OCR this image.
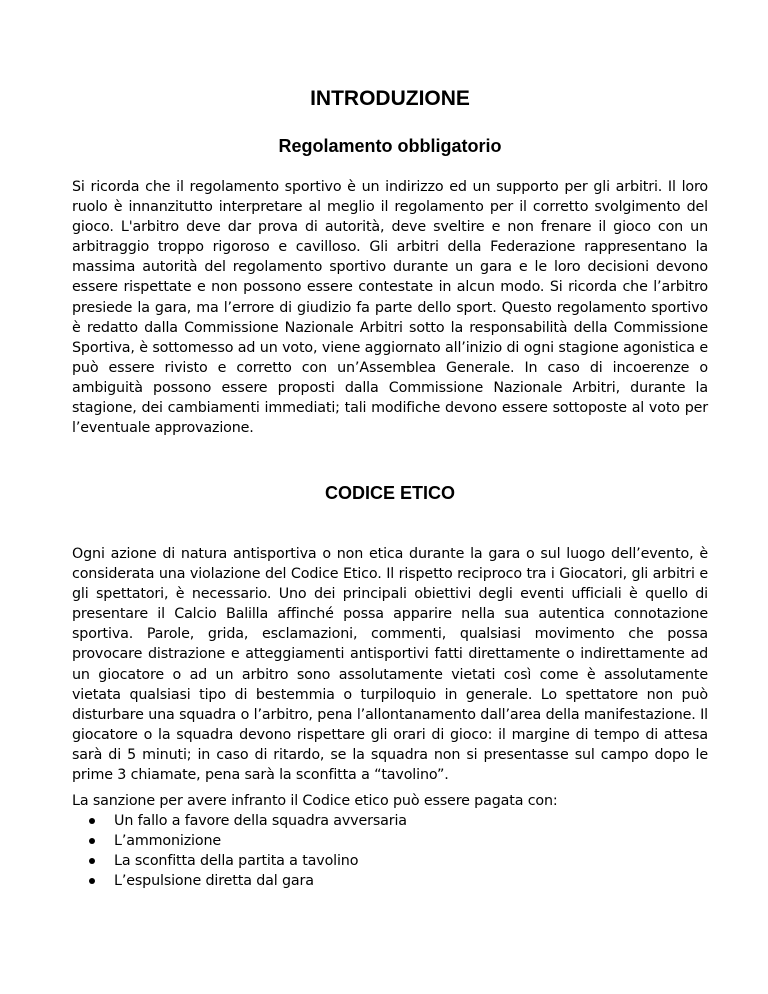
INTRODUZIONE
Regolamento obbligatorio

Si ricorda che il regolamento sportivo è un indirizzo ed un supporto per gli arbitri. Il loro ruolo è innanzitutto interpretare al meglio il regolamento per il corretto svolgimento del gioco. L'arbitro deve dar prova di autorità, deve sveltire e non frenare il gioco con un arbitraggio troppo rigoroso e cavilloso. Gli arbitri della Federazione rappresentano la massima autorità del regolamento sportivo durante un gara e le loro decisioni devono essere rispettate e non possono essere contestate in alcun modo. Si ricorda che l’arbitro presiede la gara, ma l’errore di giudizio fa parte dello sport. Questo regolamento sportivo è redatto dalla Commissione Nazionale Arbitri sotto la responsabilità della Commissione Sportiva, è sottomesso ad un voto, viene aggiornato all’inizio di ogni stagione agonistica e può essere rivisto e corretto con un’Assemblea Generale. In caso di incoerenze o ambiguità possono essere proposti dalla Commissione Nazionale Arbitri, durante la stagione, dei cambiamenti immediati; tali modifiche devono essere sottoposte al voto per l’eventuale approvazione.

CODICE ETICO

Ogni azione di natura antisportiva o non etica durante la gara o sul luogo dell’evento, è considerata una violazione del Codice Etico. Il rispetto reciproco tra i Giocatori, gli arbitri e gli spettatori, è necessario. Uno dei principali obiettivi degli eventi ufficiali è quello di presentare il Calcio Balilla affinché possa apparire nella sua autentica connotazione sportiva. Parole, grida, esclamazioni, commenti, qualsiasi movimento che possa provocare distrazione e atteggiamenti antisportivi fatti direttamente o indirettamente ad un giocatore o ad un arbitro sono assolutamente vietati così come è assolutamente vietata qualsiasi tipo di bestemmia o turpiloquio in generale. Lo spettatore non può disturbare una squadra o l’arbitro, pena l’allontanamento dall’area della manifestazione. Il giocatore o la squadra devono rispettare gli orari di gioco: il margine di tempo di attesa sarà di 5 minuti; in caso di ritardo, se la squadra non si presentasse sul campo dopo le prime 3 chiamate, pena sarà la sconfitta a “tavolino”.

La sanzione per avere infranto il Codice etico può essere pagata con:

Un fallo a favore della squadra avversaria
L’ammonizione
La sconfitta della partita a tavolino
L’espulsione diretta dal gara
